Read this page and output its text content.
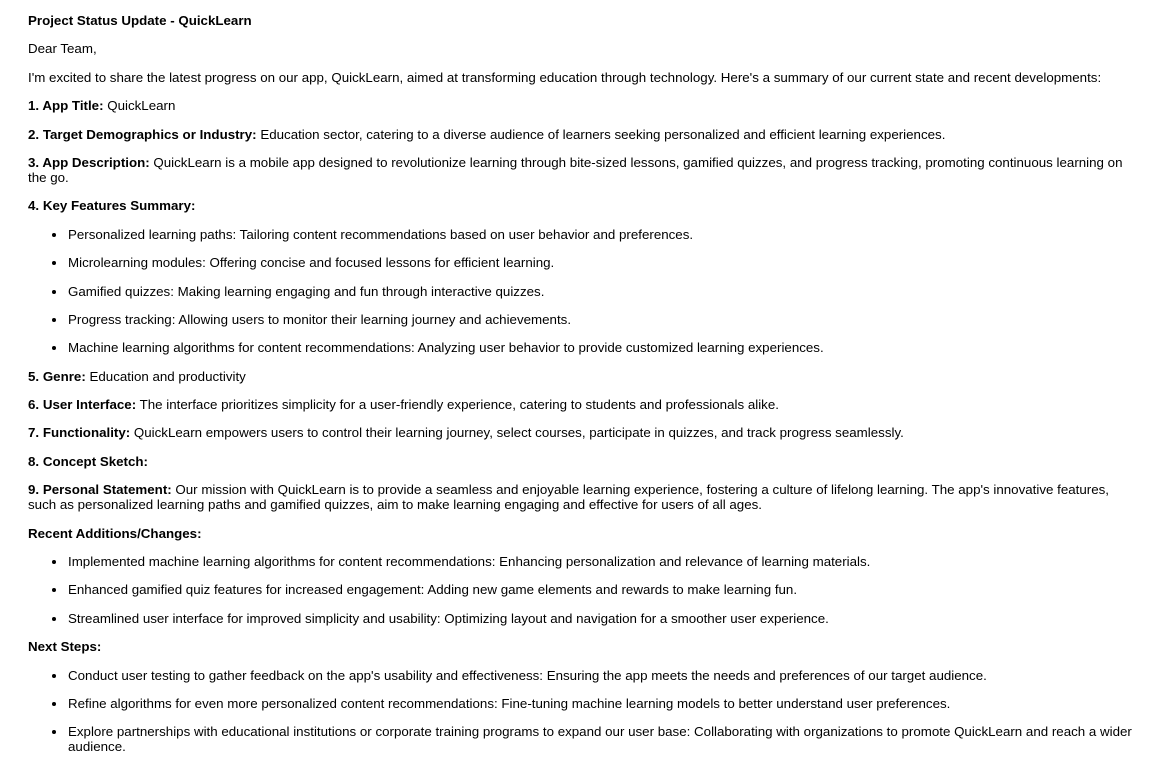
Project Status Update - QuickLearn

Dear Team,

I'm excited to share the latest progress on our app, QuickLearn, aimed at transforming education through technology. Here's a summary of our current state and recent developments:

1. App Title: QuickLearn

2. Target Demographics or Industry: Education sector, catering to a diverse audience of learners seeking personalized and efficient learning experiences.

3. App Description: QuickLearn is a mobile app designed to revolutionize learning through bite-sized lessons, gamified quizzes, and progress tracking, promoting continuous learning on the go.

4. Key Features Summary:

Personalized learning paths: Tailoring content recommendations based on user behavior and preferences.
Microlearning modules: Offering concise and focused lessons for efficient learning.
Gamified quizzes: Making learning engaging and fun through interactive quizzes.
Progress tracking: Allowing users to monitor their learning journey and achievements.
Machine learning algorithms for content recommendations: Analyzing user behavior to provide customized learning experiences.

5. Genre: Education and productivity

6. User Interface: The interface prioritizes simplicity for a user-friendly experience, catering to students and professionals alike.

7. Functionality: QuickLearn empowers users to control their learning journey, select courses, participate in quizzes, and track progress seamlessly.

8. Concept Sketch:

9. Personal Statement: Our mission with QuickLearn is to provide a seamless and enjoyable learning experience, fostering a culture of lifelong learning. The app's innovative features, such as personalized learning paths and gamified quizzes, aim to make learning engaging and effective for users of all ages.

Recent Additions/Changes:

Implemented machine learning algorithms for content recommendations: Enhancing personalization and relevance of learning materials.
Enhanced gamified quiz features for increased engagement: Adding new game elements and rewards to make learning fun.
Streamlined user interface for improved simplicity and usability: Optimizing layout and navigation for a smoother user experience.

Next Steps:

Conduct user testing to gather feedback on the app's usability and effectiveness: Ensuring the app meets the needs and preferences of our target audience.
Refine algorithms for even more personalized content recommendations: Fine-tuning machine learning models to better understand user preferences.
Explore partnerships with educational institutions or corporate training programs to expand our user base: Collaborating with organizations to promote QuickLearn and reach a wider audience.
